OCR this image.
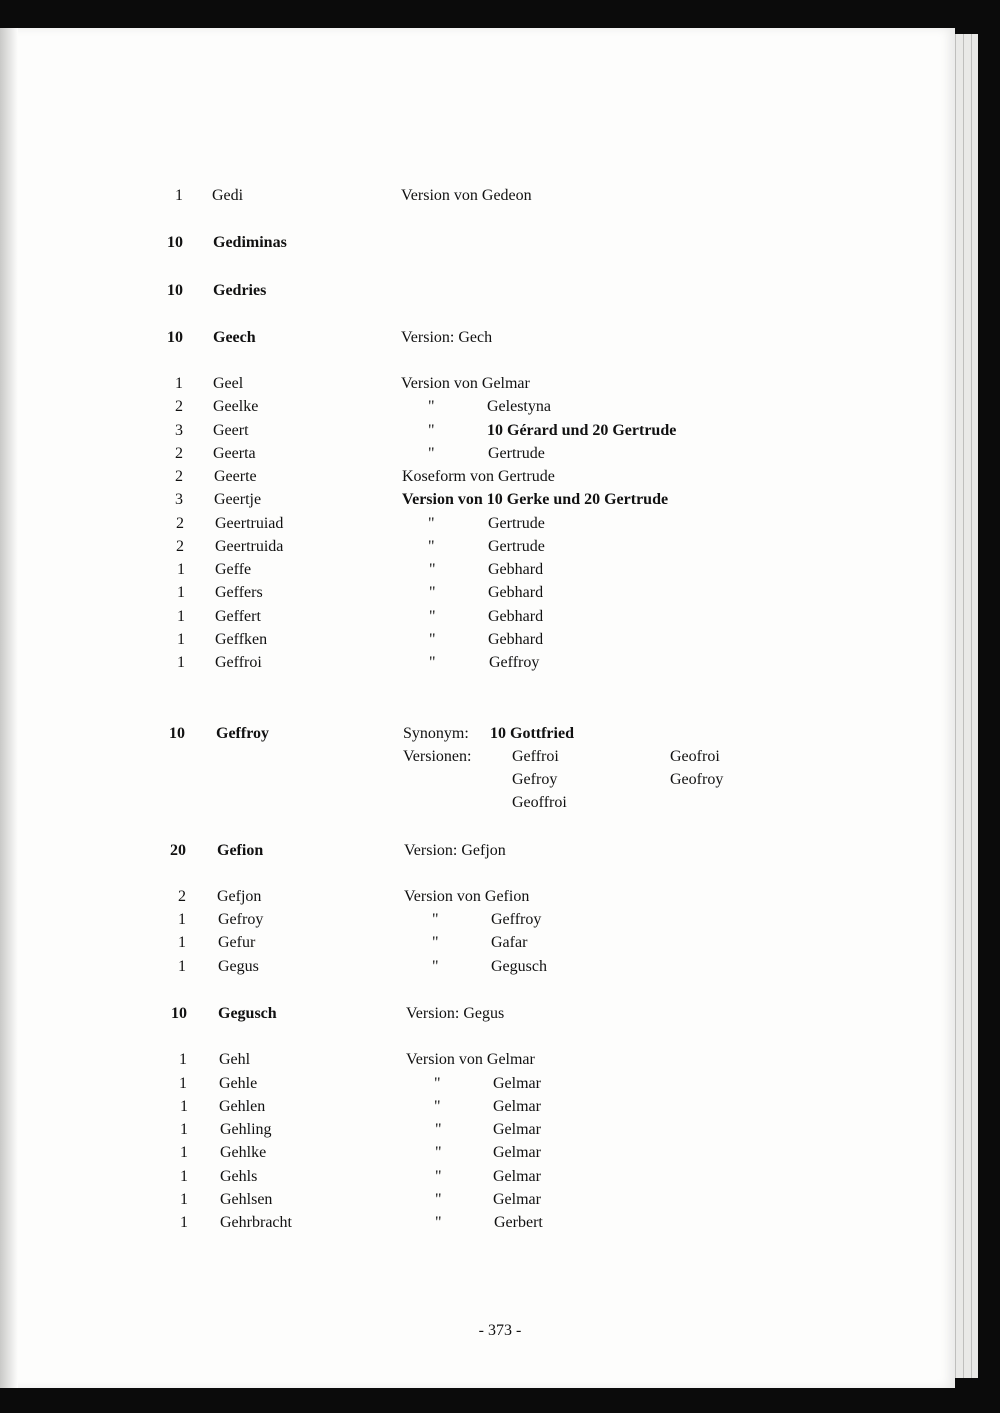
1 Gedi	Version von Gedeon
10 Gediminas
10 Gedries
10 Geech	Version: Gech
1 Geel	Version von Gelmar
2 Geelke	"	Gelestyna
3 Geert	"	10 Gérard und 20 Gertrude
2 Geerta	"	Gertrude
2 Geerte	Koseform von Gertrude
3 Geertje	Version von 10 Gerke und 20 Gertrude
2 Geertruiad	"	Gertrude
2 Geertruida	"	Gertrude
1 Geffe	"	Gebhard
1 Geffers	"	Gebhard
1 Geffert	"	Gebhard
1 Geffken	"	Gebhard
1 Geffroi	"	Geffroy
10 Geffroy	Synonym: 10 Gottfried
Versionen:	Geffroi	Geofroi
Gefroy	Geofroy
Geoffroi
20 Gefion	Version: Gefjon
2 Gefjon	Version von Gefion
1 Gefroy	"	Geffroy
1 Gefur	"	Gafar
1 Gegus	"	Gegusch
10 Gegusch	Version: Gegus
1 Gehl	Version von Gelmar
1 Gehle	"	Gelmar
1 Gehlen	"	Gelmar
1 Gehling	"	Gelmar
1 Gehlke	"	Gelmar
1 Gehls	"	Gelmar
1 Gehlsen	"	Gelmar
1 Gehrbracht	"	Gerbert
- 373 -
